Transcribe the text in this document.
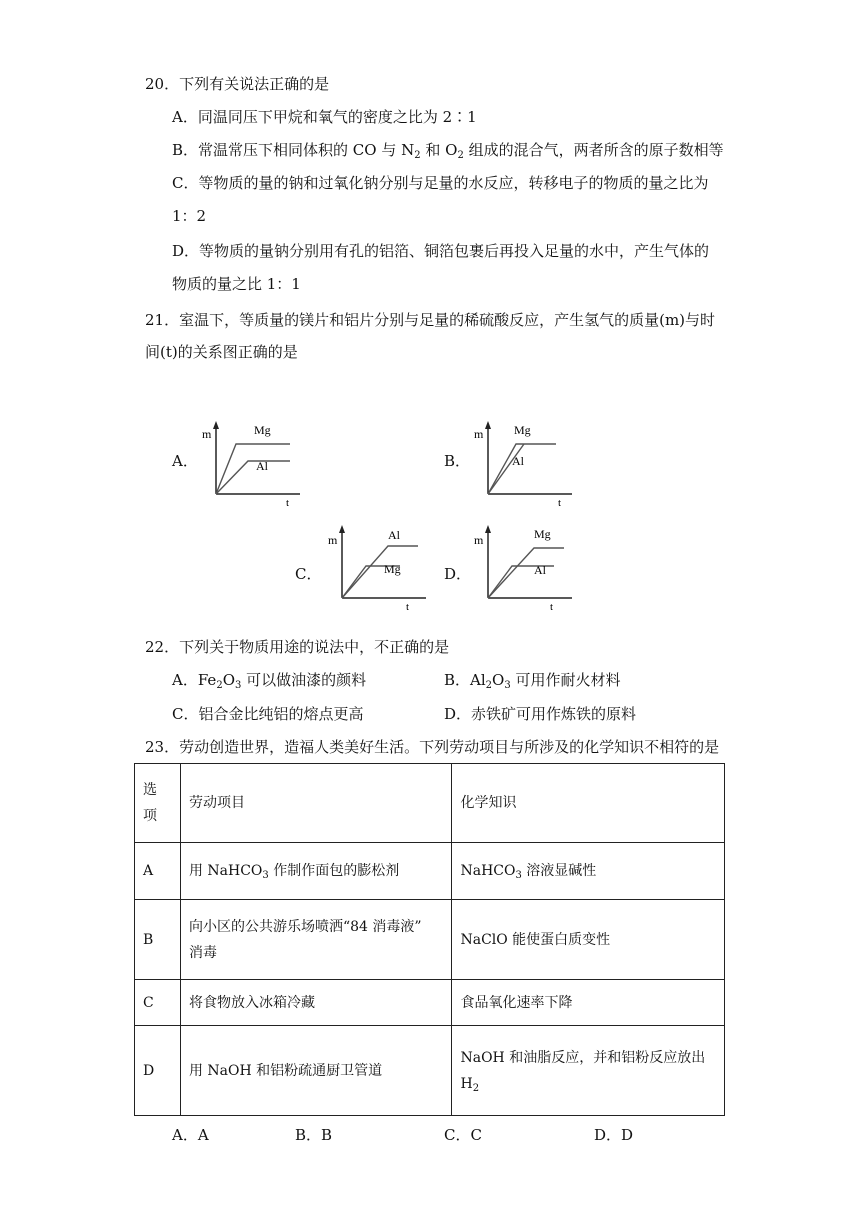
20．下列有关说法正确的是
A．同温同压下甲烷和氧气的密度之比为 2∶1
B．常温常压下相同体积的 CO 与 $N_2$ 和 $O_2$ 组成的混合气，两者所含的原子数相等
C．等物质的量的钠和过氧化钠分别与足量的水反应，转移电子的物质的量之比为
1：2
D．等物质的量钠分别用有孔的铝箔、铜箔包裹后再投入足量的水中，产生气体的
物质的量之比 1：1
21．室温下，等质量的镁片和铝片分别与足量的稀硫酸反应，产生氢气的质量(m)与时
间(t)的关系图正确的是
A．
m	Mg
Al
t
B．
m	Mg
Al
t
C．
m	Al
Mg
t
D．
m	Mg
Al
t
22．下列关于物质用途的说法中，不正确的是
A．$Fe_2O_3$ 可以做油漆的颜料	B．$Al_2O_3$ 可用作耐火材料
C．铝合金比纯铝的熔点更高	D．赤铁矿可用作炼铁的原料
23．劳动创造世界，造福人类美好生活。下列劳动项目与所涉及的化学知识不相符的是
选
项	劳动项目	化学知识
A	用 NaHCO$_3$ 作制作面包的膨松剂	NaHCO$_3$ 溶液显碱性
B	向小区的公共游乐场喷洒“84 消毒液”
消毒	NaClO 能使蛋白质变性
C	将食物放入冰箱冷藏	食品氧化速率下降
D	用 NaOH 和铝粉疏通厨卫管道	NaOH 和油脂反应，并和铝粉反应放出
$H_2$
A．A	B．B	C．C	D．D
